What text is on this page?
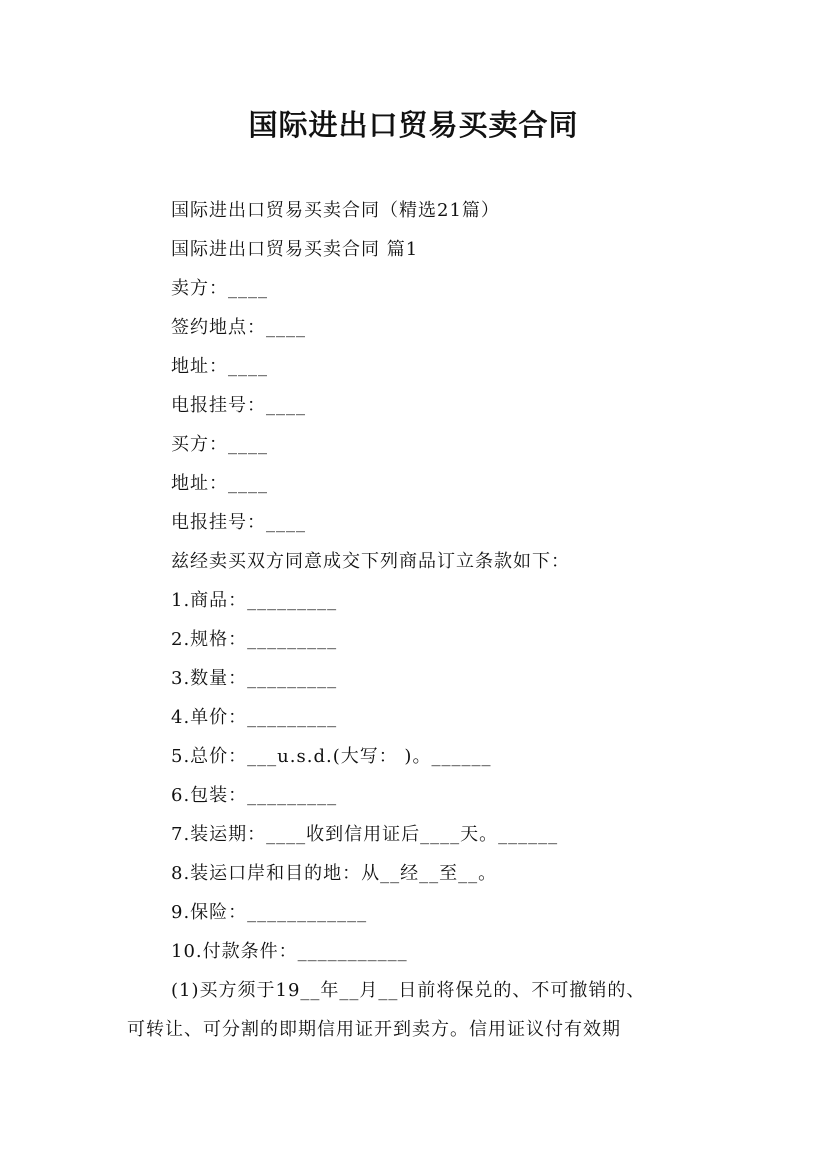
国际进出口贸易买卖合同
国际进出口贸易买卖合同（精选21篇）
国际进出口贸易买卖合同 篇1
卖方：____
签约地点：____
地址：____
电报挂号：____
买方：____
地址：____
电报挂号：____
兹经卖买双方同意成交下列商品订立条款如下：
1.商品：_________
2.规格：_________
3.数量：_________
4.单价：_________
5.总价：___u.s.d.(大写： )。______
6.包装：_________
7.装运期：____收到信用证后____天。______
8.装运口岸和目的地：从__经__至__。
9.保险：____________
10.付款条件：___________
(1)买方须于19__年__月__日前将保兑的、不可撤销的、
可转让、可分割的即期信用证开到卖方。信用证议付有效期
